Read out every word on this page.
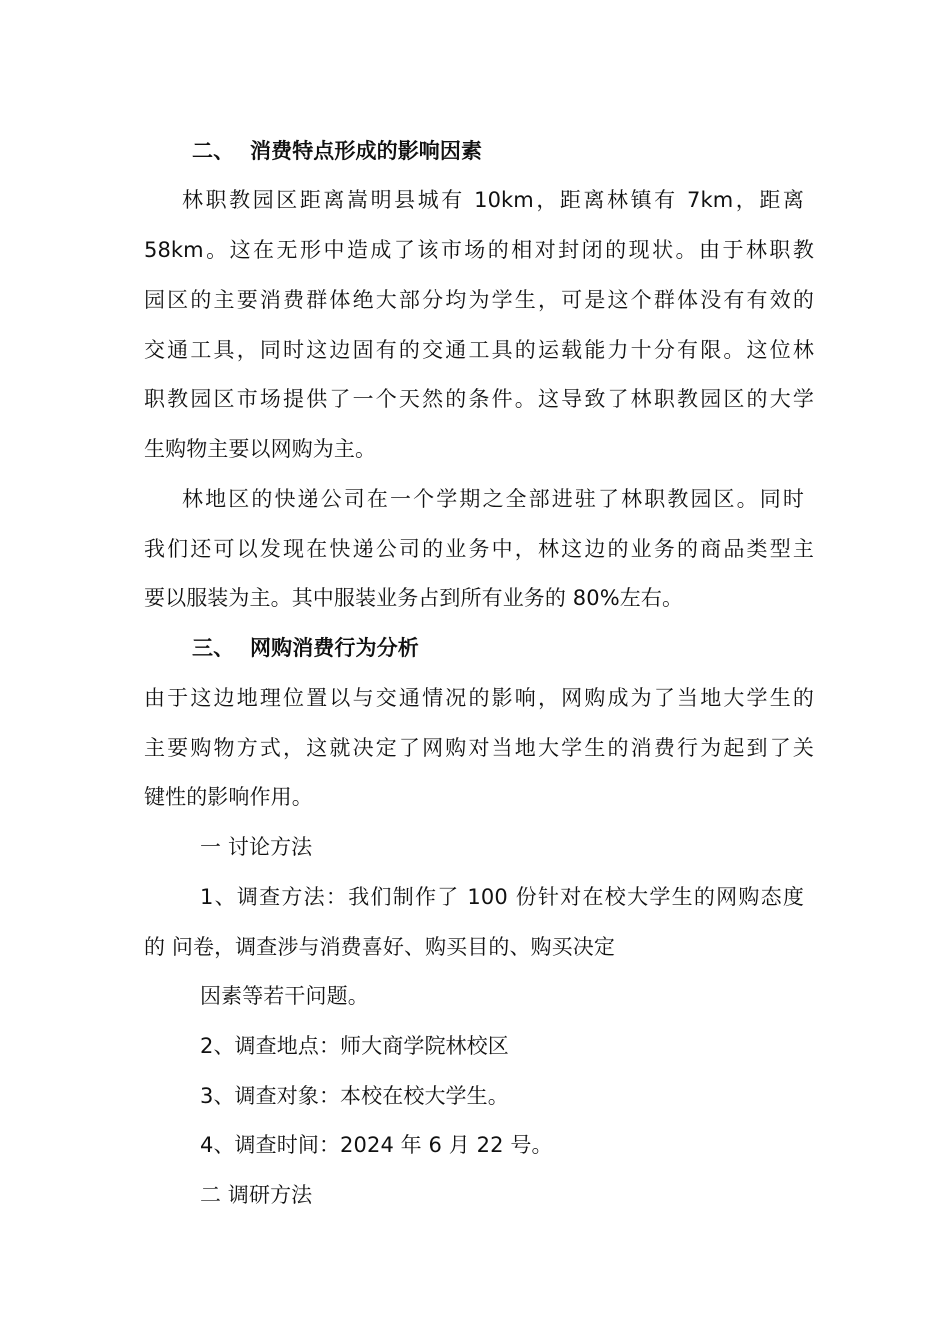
二、 消费特点形成的影响因素
林职教园区距离嵩明县城有 10km，距离林镇有 7km，距离
58km。这在无形中造成了该市场的相对封闭的现状。由于林职教
园区的主要消费群体绝大部分均为学生，可是这个群体没有有效的
交通工具，同时这边固有的交通工具的运载能力十分有限。这位林
职教园区市场提供了一个天然的条件。这导致了林职教园区的大学
生购物主要以网购为主。
林地区的快递公司在一个学期之全部进驻了林职教园区。同时
我们还可以发现在快递公司的业务中，林这边的业务的商品类型主
要以服装为主。其中服装业务占到所有业务的 80%左右。
三、 网购消费行为分析
由于这边地理位置以与交通情况的影响，网购成为了当地大学生的
主要购物方式，这就决定了网购对当地大学生的消费行为起到了关
键性的影响作用。
一 讨论方法
1、调查方法：我们制作了 100 份针对在校大学生的网购态度
的 问卷，调查涉与消费喜好、购买目的、购买决定
因素等若干问题。
2、调查地点：师大商学院林校区
3、调查对象：本校在校大学生。
4、调查时间：2024 年 6 月 22 号。
二 调研方法
